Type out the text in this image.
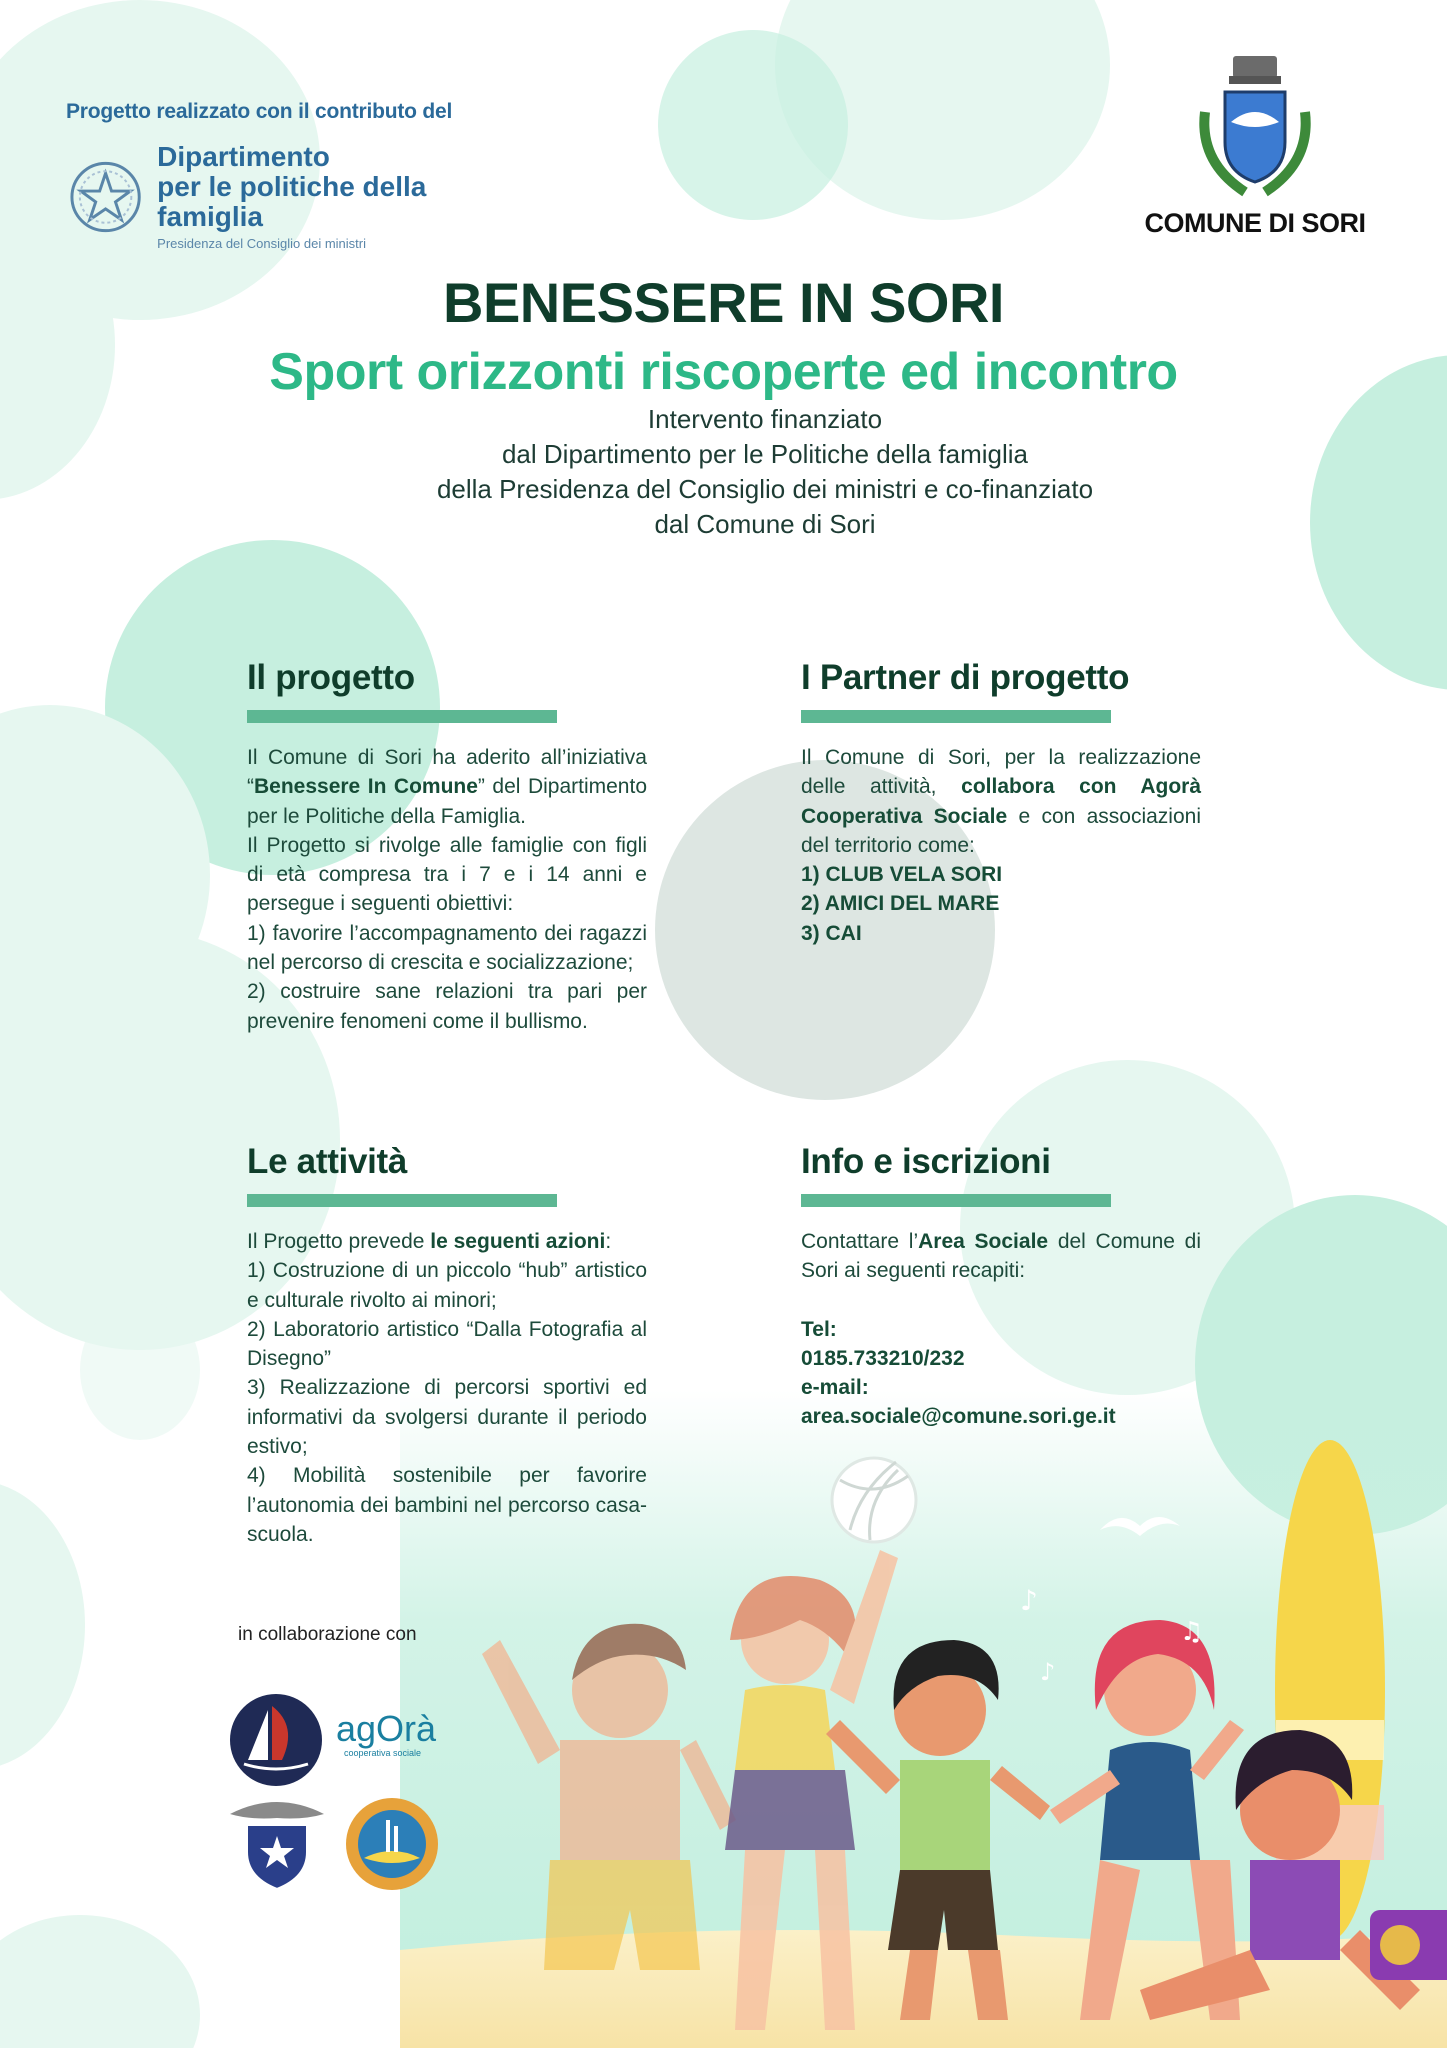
♪
♫
♪
Progetto realizzato con il contributo del
Dipartimento
per le politiche della famiglia
Presidenza del Consiglio dei ministri
COMUNE DI SORI
BENESSERE IN SORI
Sport orizzonti riscoperte ed incontro
Intervento finanziato
dal Dipartimento per le Politiche della famiglia
della Presidenza del Consiglio dei ministri e co-finanziato
dal Comune di Sori
Il progetto

Il Comune di Sori ha aderito all’iniziativa “Benessere In Comune” del Dipartimento per le Politiche della Famiglia.

Il Progetto si rivolge alle famiglie con figli di età compresa tra i 7 e i 14 anni e persegue i seguenti obiettivi:

1) favorire l’accompagnamento dei ragazzi nel percorso di crescita e socializzazione;

2) costruire sane relazioni tra pari per prevenire fenomeni come il bullismo.

I Partner di progetto

Il Comune di Sori, per la realizzazione delle attività, collabora con Agorà Cooperativa Sociale e con associazioni del territorio come:

1) CLUB VELA SORI

2) AMICI DEL MARE

3) CAI

Le attività

Il Progetto prevede le seguenti azioni:

1) Costruzione di un piccolo “hub” artistico e culturale rivolto ai minori;

2) Laboratorio artistico “Dalla Fotografia al Disegno”

3) Realizzazione di percorsi sportivi ed informativi da svolgersi durante il periodo estivo;

4) Mobilità sostenibile per favorire l’autonomia dei bambini nel percorso casa-scuola.

Info e iscrizioni

Contattare l’Area Sociale del Comune di Sori ai seguenti recapiti:

Tel:

0185.733210/232

e-mail:

area.sociale@comune.sori.ge.it

in collaborazione con
agOrà
cooperativa sociale
